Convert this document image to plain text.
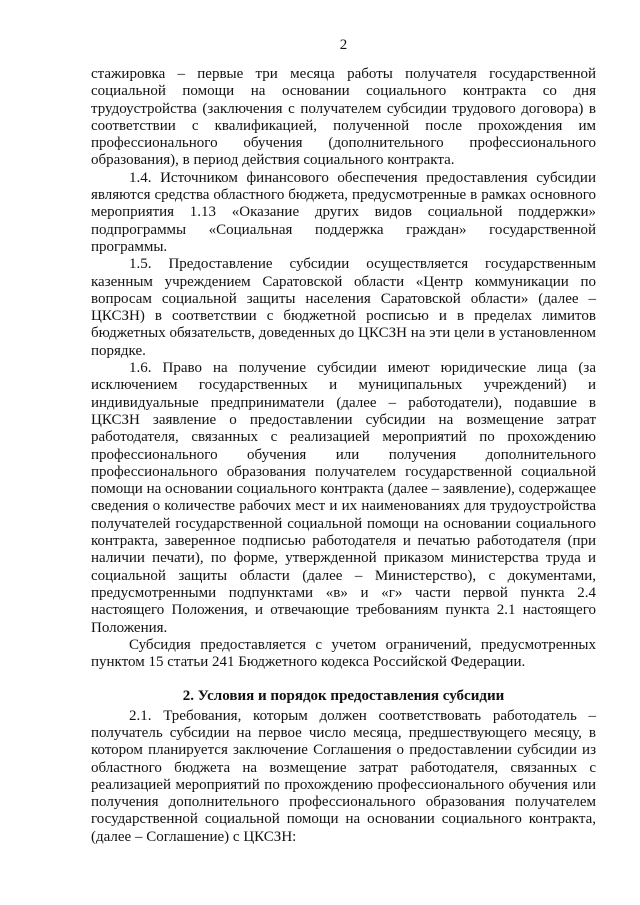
2

стажировка – первые три месяца работы получателя государственной социальной помощи на основании социального контракта со дня трудоустройства (заключения с получателем субсидии трудового договора) в соответствии с квалификацией, полученной после прохождения им профессионального обучения (дополнительного профессионального образования), в период действия социального контракта.

1.4. Источником финансового обеспечения предоставления субсидии являются средства областного бюджета, предусмотренные в рамках основного мероприятия 1.13 «Оказание других видов социальной поддержки» подпрограммы «Социальная поддержка граждан» государственной программы.

1.5. Предоставление субсидии осуществляется государственным казенным учреждением Саратовской области «Центр коммуникации по вопросам социальной защиты населения Саратовской области» (далее – ЦКСЗН) в соответствии с бюджетной росписью и в пределах лимитов бюджетных обязательств, доведенных до ЦКСЗН на эти цели в установленном порядке.

1.6. Право на получение субсидии имеют юридические лица (за исключением государственных и муниципальных учреждений) и индивидуальные предприниматели (далее – работодатели), подавшие в ЦКСЗН заявление о предоставлении субсидии на возмещение затрат работодателя, связанных с реализацией мероприятий по прохождению профессионального обучения или получения дополнительного профессионального образования получателем государственной социальной помощи на основании социального контракта (далее – заявление), содержащее сведения о количестве рабочих мест и их наименованиях для трудоустройства получателей государственной социальной помощи на основании социального контракта, заверенное подписью работодателя и печатью работодателя (при наличии печати), по форме, утвержденной приказом министерства труда и социальной защиты области (далее – Министерство), с документами, предусмотренными подпунктами «в» и «г» части первой пункта 2.4 настоящего Положения, и отвечающие требованиям пункта 2.1 настоящего Положения.

Субсидия предоставляется с учетом ограничений, предусмотренных пунктом 15 статьи 241 Бюджетного кодекса Российской Федерации.

2. Условия и порядок предоставления субсидии

2.1. Требования, которым должен соответствовать работодатель – получатель субсидии на первое число месяца, предшествующего месяцу, в котором планируется заключение Соглашения о предоставлении субсидии из областного бюджета на возмещение затрат работодателя, связанных с реализацией мероприятий по прохождению профессионального обучения или получения дополнительного профессионального образования получателем государственной социальной помощи на основании социального контракта, (далее – Соглашение) с ЦКСЗН:
